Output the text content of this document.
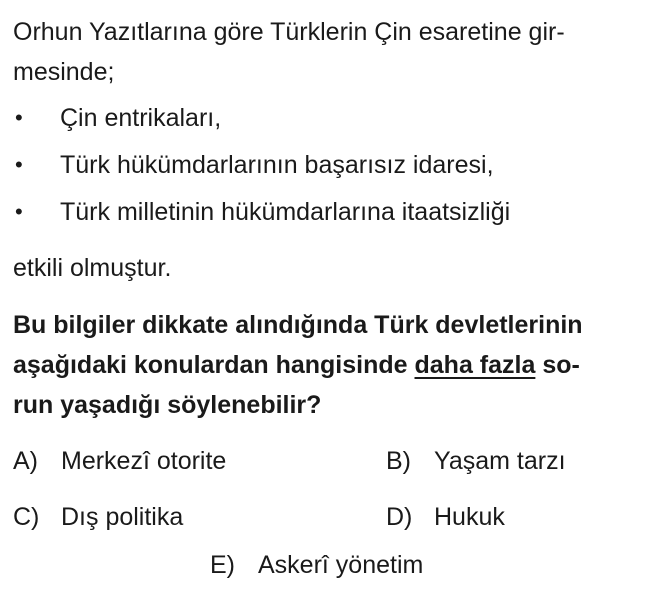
Orhun Yazıtlarına göre Türklerin Çin esaretine gir-
mesinde;
• Çin entrikaları,
• Türk hükümdarlarının başarısız idaresi,
• Türk milletinin hükümdarlarına itaatsizliği
etkili olmuştur.
Bu bilgiler dikkate alındığında Türk devletlerinin
aşağıdaki konulardan hangisinde daha fazla so-
run yaşadığı söylenebilir?
A) Merkezî otorite	B) Yaşam tarzı
C) Dış politika	D) Hukuk
E) Askerî yönetim
